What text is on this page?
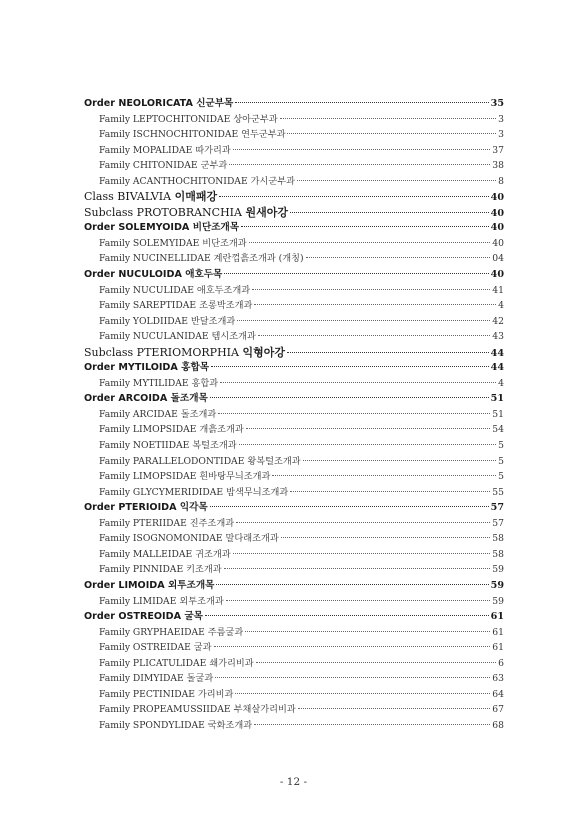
Order NEOLORICATA 신군부목	35
Family LEPTOCHITONIDAE 상아군부과	3
Family ISCHNOCHITONIDAE 연두군부과	3
Family MOPALIDAE 따가리과	37
Family CHITONIDAE 군부과	38
Family ACANTHOCHITONIDAE 가시군부과	8
Class BIVALVIA 이매패강	40
Subclass PROTOBRANCHIA 원새아강	40
Order SOLEMYOIDA 비단조개목	40
Family SOLEMYIDAE 비단조개과	40
Family NUCINELLIDAE 계란껍흙조개과 (개칭)	04
Order NUCULOIDA 애호두목	40
Family NUCULIDAE 애호두조개과	41
Family SAREPTIDAE 조롱박조개과	4
Family YOLDIIDAE 반달조개과	42
Family NUCULANIDAE 템시조개과	43
Subclass PTERIOMORPHIA 익형아강	44
Order MYTILOIDA 홍합목	44
Family MYTILIDAE 홍합과	4
Order ARCOIDA 돌조개목	51
Family ARCIDAE 돌조개과	51
Family LIMOPSIDAE 개흙조개과	54
Family NOETIIDAE 복털조개과	5
Family PARALLELODONTIDAE 왕복털조개과	5
Family LIMOPSIDAE 흰바탕무늬조개과	5
Family GLYCYMERIDIDAE 밤색무늬조개과	55
Order PTERIOIDA 익각목	57
Family PTERIIDAE 진주조개과	57
Family ISOGNOMONIDAE 말다래조개과	58
Family MALLEIDAE 귀조개과	58
Family PINNIDAE 키조개과	59
Order LIMOIDA 외투조개목	59
Family LIMIDAE 외투조개과	59
Order OSTREOIDA 굴목	61
Family GRYPHAEIDAE 주름굴과	61
Family OSTREIDAE 굴과	61
Family PLICATULIDAE 쇄가리비과	6
Family DIMYIDAE 돌굴과	63
Family PECTINIDAE 가리비과	64
Family PROPEAMUSSIIDAE 부채살가리비과	67
Family SPONDYLIDAE 국화조개과	68
- 12 -
